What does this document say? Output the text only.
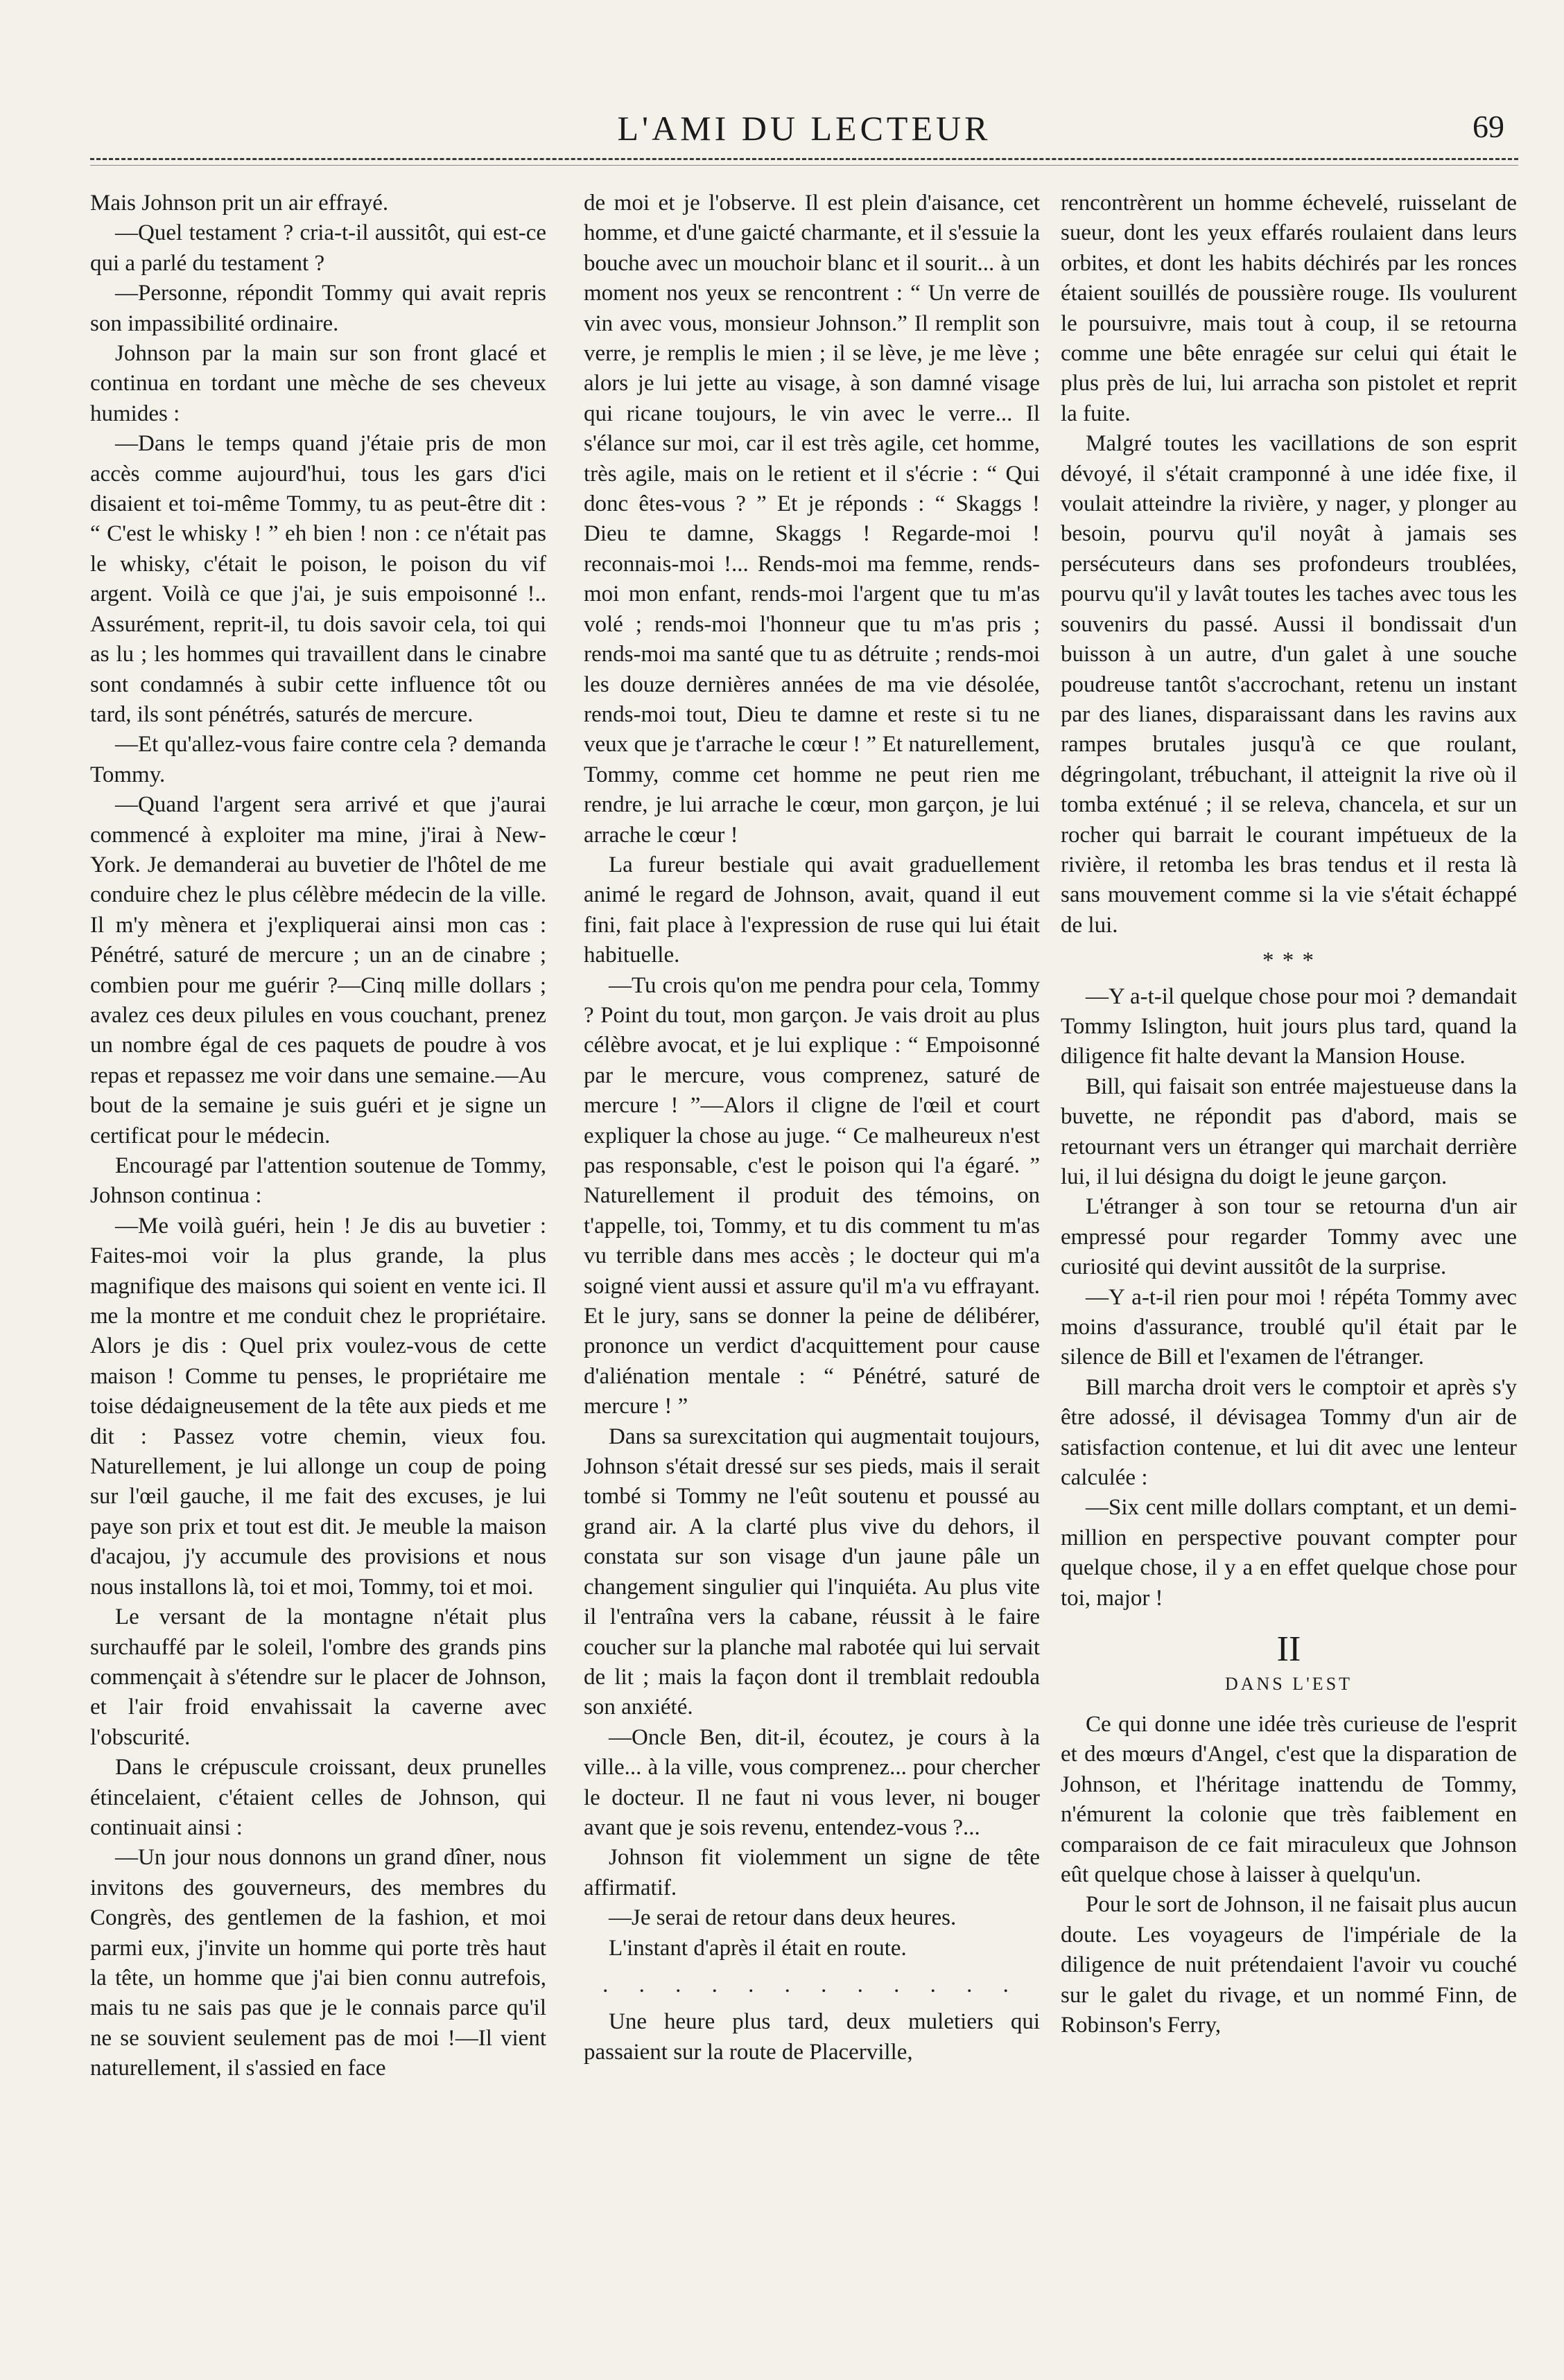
L'AMI DU LECTEUR	69

Mais Johnson prit un air effrayé.

—Quel testament ? cria-t-il aussitôt, qui est-ce qui a parlé du testament ?

—Personne, répondit Tommy qui avait repris son impassibilité ordinaire.

Johnson par la main sur son front glacé et continua en tordant une mèche de ses cheveux humides :

—Dans le temps quand j'étaie pris de mon accès comme aujourd'hui, tous les gars d'ici disaient et toi-même Tommy, tu as peut-être dit : “ C'est le whisky ! ” eh bien ! non : ce n'était pas le whisky, c'était le poison, le poison du vif argent. Voilà ce que j'ai, je suis empoisonné !.. Assurément, reprit-il, tu dois savoir cela, toi qui as lu ; les hommes qui travaillent dans le cinabre sont condamnés à subir cette influence tôt ou tard, ils sont pénétrés, saturés de mercure.

—Et qu'allez-vous faire contre cela ? demanda Tommy.

—Quand l'argent sera arrivé et que j'aurai commencé à exploiter ma mine, j'irai à New-York. Je demanderai au buvetier de l'hôtel de me conduire chez le plus célèbre médecin de la ville. Il m'y mènera et j'expliquerai ainsi mon cas : Pénétré, saturé de mercure ; un an de cinabre ; combien pour me guérir ?—Cinq mille dollars ; avalez ces deux pilules en vous couchant, prenez un nombre égal de ces paquets de poudre à vos repas et repassez me voir dans une semaine.—Au bout de la semaine je suis guéri et je signe un certificat pour le médecin.

Encouragé par l'attention soutenue de Tommy, Johnson continua :

—Me voilà guéri, hein ! Je dis au buvetier : Faites-moi voir la plus grande, la plus magnifique des maisons qui soient en vente ici. Il me la montre et me conduit chez le propriétaire. Alors je dis : Quel prix voulez-vous de cette maison ! Comme tu penses, le propriétaire me toise dédaigneusement de la tête aux pieds et me dit : Passez votre chemin, vieux fou. Naturellement, je lui allonge un coup de poing sur l'œil gauche, il me fait des excuses, je lui paye son prix et tout est dit. Je meuble la maison d'acajou, j'y accumule des provisions et nous nous installons là, toi et moi, Tommy, toi et moi.

Le versant de la montagne n'était plus surchauffé par le soleil, l'ombre des grands pins commençait à s'étendre sur le placer de Johnson, et l'air froid envahissait la caverne avec l'obscurité.

Dans le crépuscule croissant, deux prunelles étincelaient, c'étaient celles de Johnson, qui continuait ainsi :

—Un jour nous donnons un grand dîner, nous invitons des gouverneurs, des membres du Congrès, des gentlemen de la fashion, et moi parmi eux, j'invite un homme qui porte très haut la tête, un homme que j'ai bien connu autrefois, mais tu ne sais pas que je le connais parce qu'il ne se souvient seulement pas de moi !—Il vient naturellement, il s'assied en face

de moi et je l'observe. Il est plein d'aisance, cet homme, et d'une gaicté charmante, et il s'essuie la bouche avec un mouchoir blanc et il sourit... à un moment nos yeux se rencontrent : “ Un verre de vin avec vous, monsieur Johnson.” Il remplit son verre, je remplis le mien ; il se lève, je me lève ; alors je lui jette au visage, à son damné visage qui ricane toujours, le vin avec le verre... Il s'élance sur moi, car il est très agile, cet homme, très agile, mais on le retient et il s'écrie : “ Qui donc êtes-vous ? ” Et je réponds : “ Skaggs ! Dieu te damne, Skaggs ! Regarde-moi ! reconnais-moi !... Rends-moi ma femme, rends-moi mon enfant, rends-moi l'argent que tu m'as volé ; rends-moi l'honneur que tu m'as pris ; rends-moi ma santé que tu as détruite ; rends-moi les douze dernières années de ma vie désolée, rends-moi tout, Dieu te damne et reste si tu ne veux que je t'arrache le cœur ! ” Et naturellement, Tommy, comme cet homme ne peut rien me rendre, je lui arrache le cœur, mon garçon, je lui arrache le cœur !

La fureur bestiale qui avait graduellement animé le regard de Johnson, avait, quand il eut fini, fait place à l'expression de ruse qui lui était habituelle.

—Tu crois qu'on me pendra pour cela, Tommy ? Point du tout, mon garçon. Je vais droit au plus célèbre avocat, et je lui explique : “ Empoisonné par le mercure, vous comprenez, saturé de mercure ! ”—Alors il cligne de l'œil et court expliquer la chose au juge. “ Ce malheureux n'est pas responsable, c'est le poison qui l'a égaré. ” Naturellement il produit des témoins, on t'appelle, toi, Tommy, et tu dis comment tu m'as vu terrible dans mes accès ; le docteur qui m'a soigné vient aussi et assure qu'il m'a vu effrayant. Et le jury, sans se donner la peine de délibérer, prononce un verdict d'acquittement pour cause d'aliénation mentale : “ Pénétré, saturé de mercure ! ”

Dans sa surexcitation qui augmentait toujours, Johnson s'était dressé sur ses pieds, mais il serait tombé si Tommy ne l'eût soutenu et poussé au grand air. A la clarté plus vive du dehors, il constata sur son visage d'un jaune pâle un changement singulier qui l'inquiéta. Au plus vite il l'entraîna vers la cabane, réussit à le faire coucher sur la planche mal rabotée qui lui servait de lit ; mais la façon dont il tremblait redoubla son anxiété.

—Oncle Ben, dit-il, écoutez, je cours à la ville... à la ville, vous comprenez... pour chercher le docteur. Il ne faut ni vous lever, ni bouger avant que je sois revenu, entendez-vous ?...

Johnson fit violemment un signe de tête affirmatif.

—Je serai de retour dans deux heures.

L'instant d'après il était en route.

. . . . . . . . . . . .

Une heure plus tard, deux muletiers qui passaient sur la route de Placerville,

rencontrèrent un homme échevelé, ruisselant de sueur, dont les yeux effarés roulaient dans leurs orbites, et dont les habits déchirés par les ronces étaient souillés de poussière rouge. Ils voulurent le poursuivre, mais tout à coup, il se retourna comme une bête enragée sur celui qui était le plus près de lui, lui arracha son pistolet et reprit la fuite.

Malgré toutes les vacillations de son esprit dévoyé, il s'était cramponné à une idée fixe, il voulait atteindre la rivière, y nager, y plonger au besoin, pourvu qu'il noyât à jamais ses persécuteurs dans ses profondeurs troublées, pourvu qu'il y lavât toutes les taches avec tous les souvenirs du passé. Aussi il bondissait d'un buisson à un autre, d'un galet à une souche poudreuse tantôt s'accrochant, retenu un instant par des lianes, disparaissant dans les ravins aux rampes brutales jusqu'à ce que roulant, dégringolant, trébuchant, il atteignit la rive où il tomba exténué ; il se releva, chancela, et sur un rocher qui barrait le courant impétueux de la rivière, il retomba les bras tendus et il resta là sans mouvement comme si la vie s'était échappé de lui.

* * *

—Y a-t-il quelque chose pour moi ? demandait Tommy Islington, huit jours plus tard, quand la diligence fit halte devant la Mansion House.

Bill, qui faisait son entrée majestueuse dans la buvette, ne répondit pas d'abord, mais se retournant vers un étranger qui marchait derrière lui, il lui désigna du doigt le jeune garçon.

L'étranger à son tour se retourna d'un air empressé pour regarder Tommy avec une curiosité qui devint aussitôt de la surprise.

—Y a-t-il rien pour moi ! répéta Tommy avec moins d'assurance, troublé qu'il était par le silence de Bill et l'examen de l'étranger.

Bill marcha droit vers le comptoir et après s'y être adossé, il dévisagea Tommy d'un air de satisfaction contenue, et lui dit avec une lenteur calculée :

—Six cent mille dollars comptant, et un demi-million en perspective pouvant compter pour quelque chose, il y a en effet quelque chose pour toi, major !

II
DANS L'EST

Ce qui donne une idée très curieuse de l'esprit et des mœurs d'Angel, c'est que la disparation de Johnson, et l'héritage inattendu de Tommy, n'émurent la colonie que très faiblement en comparaison de ce fait miraculeux que Johnson eût quelque chose à laisser à quelqu'un.

Pour le sort de Johnson, il ne faisait plus aucun doute. Les voyageurs de l'impériale de la diligence de nuit prétendaient l'avoir vu couché sur le galet du rivage, et un nommé Finn, de Robinson's Ferry,
